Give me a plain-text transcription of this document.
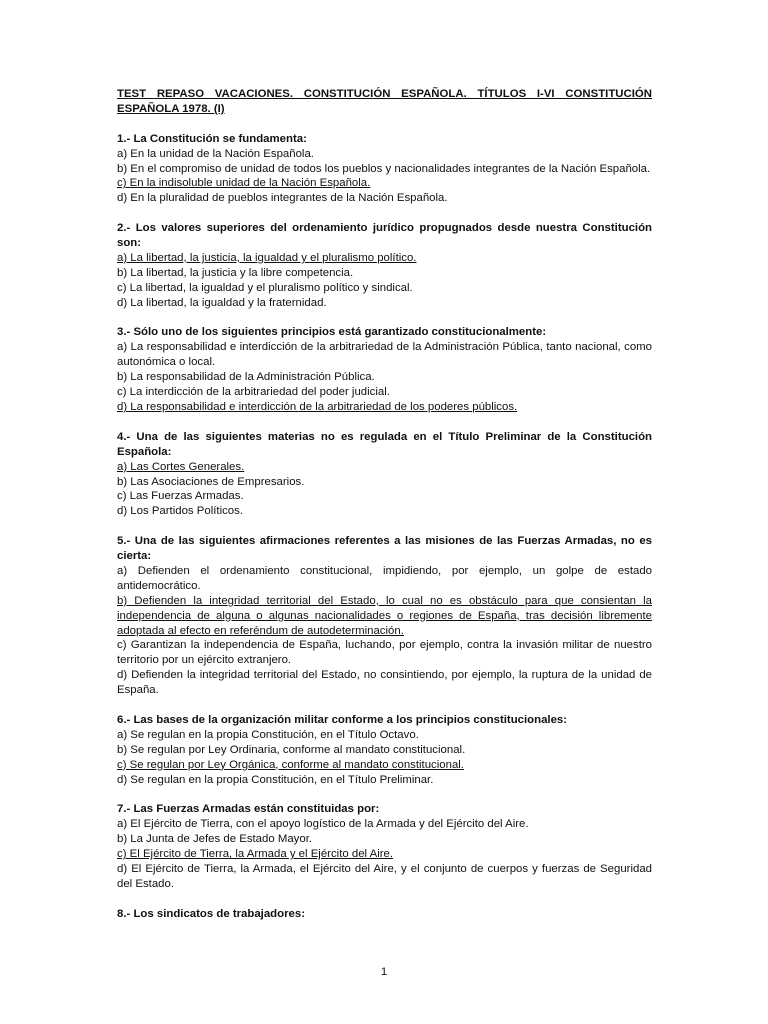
TEST REPASO VACACIONES. CONSTITUCIÓN ESPAÑOLA. TÍTULOS I-VI CONSTITUCIÓN ESPAÑOLA 1978. (I)

1.- La Constitución se fundamenta:

a) En la unidad de la Nación Española.

b) En el compromiso de unidad de todos los pueblos y nacionalidades integrantes de la Nación Española.

c) En la indisoluble unidad de la Nación Española.

d) En la pluralidad de pueblos integrantes de la Nación Española.

2.- Los valores superiores del ordenamiento jurídico propugnados desde nuestra Constitución son:

a) La libertad, la justicia, la igualdad y el pluralismo político.

b) La libertad, la justicia y la libre competencia.

c) La libertad, la igualdad y el pluralismo político y sindical.

d) La libertad, la igualdad y la fraternidad.

3.- Sólo uno de los siguientes principios está garantizado constitucionalmente:

a) La responsabilidad e interdicción de la arbitrariedad de la Administración Pública, tanto nacional, como autonómica o local.

b) La responsabilidad de la Administración Pública.

c) La interdicción de la arbitrariedad del poder judicial.

d) La responsabilidad e interdicción de la arbitrariedad de los poderes públicos.

4.- Una de las siguientes materias no es regulada en el Título Preliminar de la Constitución Española:

a) Las Cortes Generales.

b) Las Asociaciones de Empresarios.

c) Las Fuerzas Armadas.

d) Los Partidos Políticos.

5.- Una de las siguientes afirmaciones referentes a las misiones de las Fuerzas Armadas, no es cierta:

a) Defienden el ordenamiento constitucional, impidiendo, por ejemplo, un golpe de estado antidemocrático.

b) Defienden la integridad territorial del Estado, lo cual no es obstáculo para que consientan la independencia de alguna o algunas nacionalidades o regiones de España, tras decisión libremente adoptada al efecto en referéndum de autodeterminación.

c) Garantizan la independencia de España, luchando, por ejemplo, contra la invasión militar de nuestro territorio por un ejército extranjero.

d) Defienden la integridad territorial del Estado, no consintiendo, por ejemplo, la ruptura de la unidad de España.

6.- Las bases de la organización militar conforme a los principios constitucionales:

a) Se regulan en la propia Constitución, en el Título Octavo.

b) Se regulan por Ley Ordinaria, conforme al mandato constitucional.

c) Se regulan por Ley Orgánica, conforme al mandato constitucional.

d) Se regulan en la propia Constitución, en el Título Preliminar.

7.- Las Fuerzas Armadas están constituidas por:

a) El Ejército de Tierra, con el apoyo logístico de la Armada y del Ejército del Aire.

b) La Junta de Jefes de Estado Mayor.

c) El Ejército de Tierra, la Armada y el Ejército del Aire.

d) El Ejército de Tierra, la Armada, el Ejército del Aire, y el conjunto de cuerpos y fuerzas de Seguridad del Estado.

8.- Los sindicatos de trabajadores:

1
